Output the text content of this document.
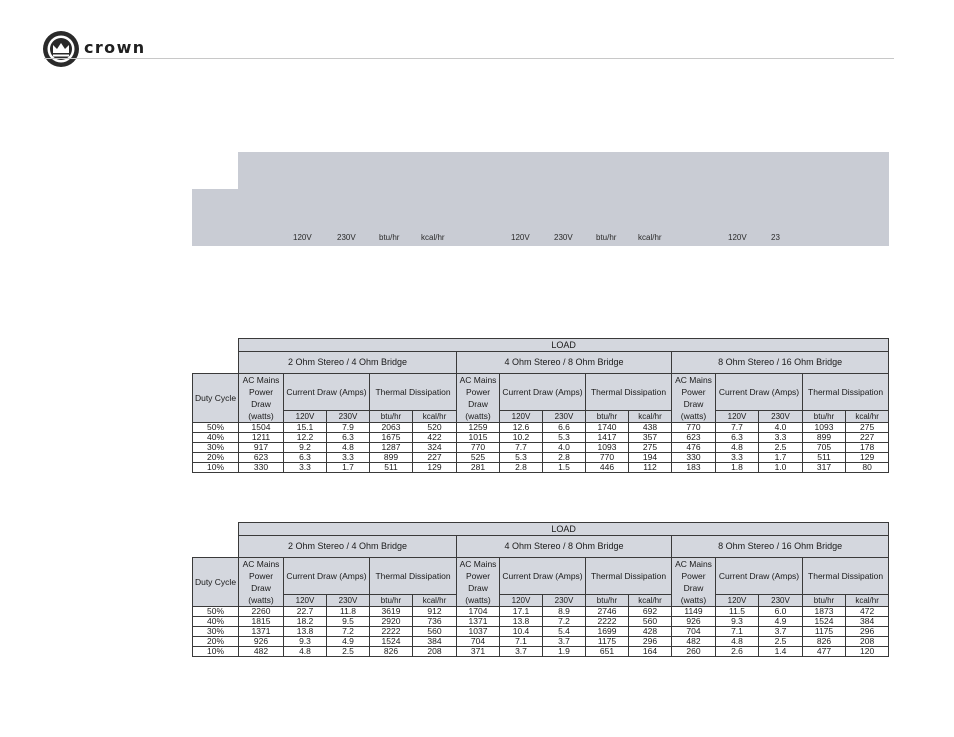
crown
120V	230V	btu/hr	kcal/hr	120V	230V	btu/hr	kcal/hr	120V	23
	LOAD														
	2 Ohm Stereo / 4 Ohm Bridge					4 Ohm Stereo / 8 Ohm Bridge					8 Ohm Stereo / 16 Ohm Bridge				
Duty Cycle	AC Mains Power Draw (watts)	Current Draw (Amps)		Thermal Dissipation		AC Mains Power Draw (watts)	Current Draw (Amps)		Thermal Dissipation		AC Mains Power Draw (watts)	Current Draw (Amps)		Thermal Dissipation	
		120V	230V	btu/hr	kcal/hr		120V	230V	btu/hr	kcal/hr		120V	230V	btu/hr	kcal/hr
50%	1504	15.1	7.9	2063	520	1259	12.6	6.6	1740	438	770	7.7	4.0	1093	275
40%	1211	12.2	6.3	1675	422	1015	10.2	5.3	1417	357	623	6.3	3.3	899	227
30%	917	9.2	4.8	1287	324	770	7.7	4.0	1093	275	476	4.8	2.5	705	178
20%	623	6.3	3.3	899	227	525	5.3	2.8	770	194	330	3.3	1.7	511	129
10%	330	3.3	1.7	511	129	281	2.8	1.5	446	112	183	1.8	1.0	317	80
	LOAD														
	2 Ohm Stereo / 4 Ohm Bridge					4 Ohm Stereo / 8 Ohm Bridge					8 Ohm Stereo / 16 Ohm Bridge				
Duty Cycle	AC Mains Power Draw (watts)	Current Draw (Amps)		Thermal Dissipation		AC Mains Power Draw (watts)	Current Draw (Amps)		Thermal Dissipation		AC Mains Power Draw (watts)	Current Draw (Amps)		Thermal Dissipation	
		120V	230V	btu/hr	kcal/hr		120V	230V	btu/hr	kcal/hr		120V	230V	btu/hr	kcal/hr
50%	2260	22.7	11.8	3619	912	1704	17.1	8.9	2746	692	1149	11.5	6.0	1873	472
40%	1815	18.2	9.5	2920	736	1371	13.8	7.2	2222	560	926	9.3	4.9	1524	384
30%	1371	13.8	7.2	2222	560	1037	10.4	5.4	1699	428	704	7.1	3.7	1175	296
20%	926	9.3	4.9	1524	384	704	7.1	3.7	1175	296	482	4.8	2.5	826	208
10%	482	4.8	2.5	826	208	371	3.7	1.9	651	164	260	2.6	1.4	477	120
